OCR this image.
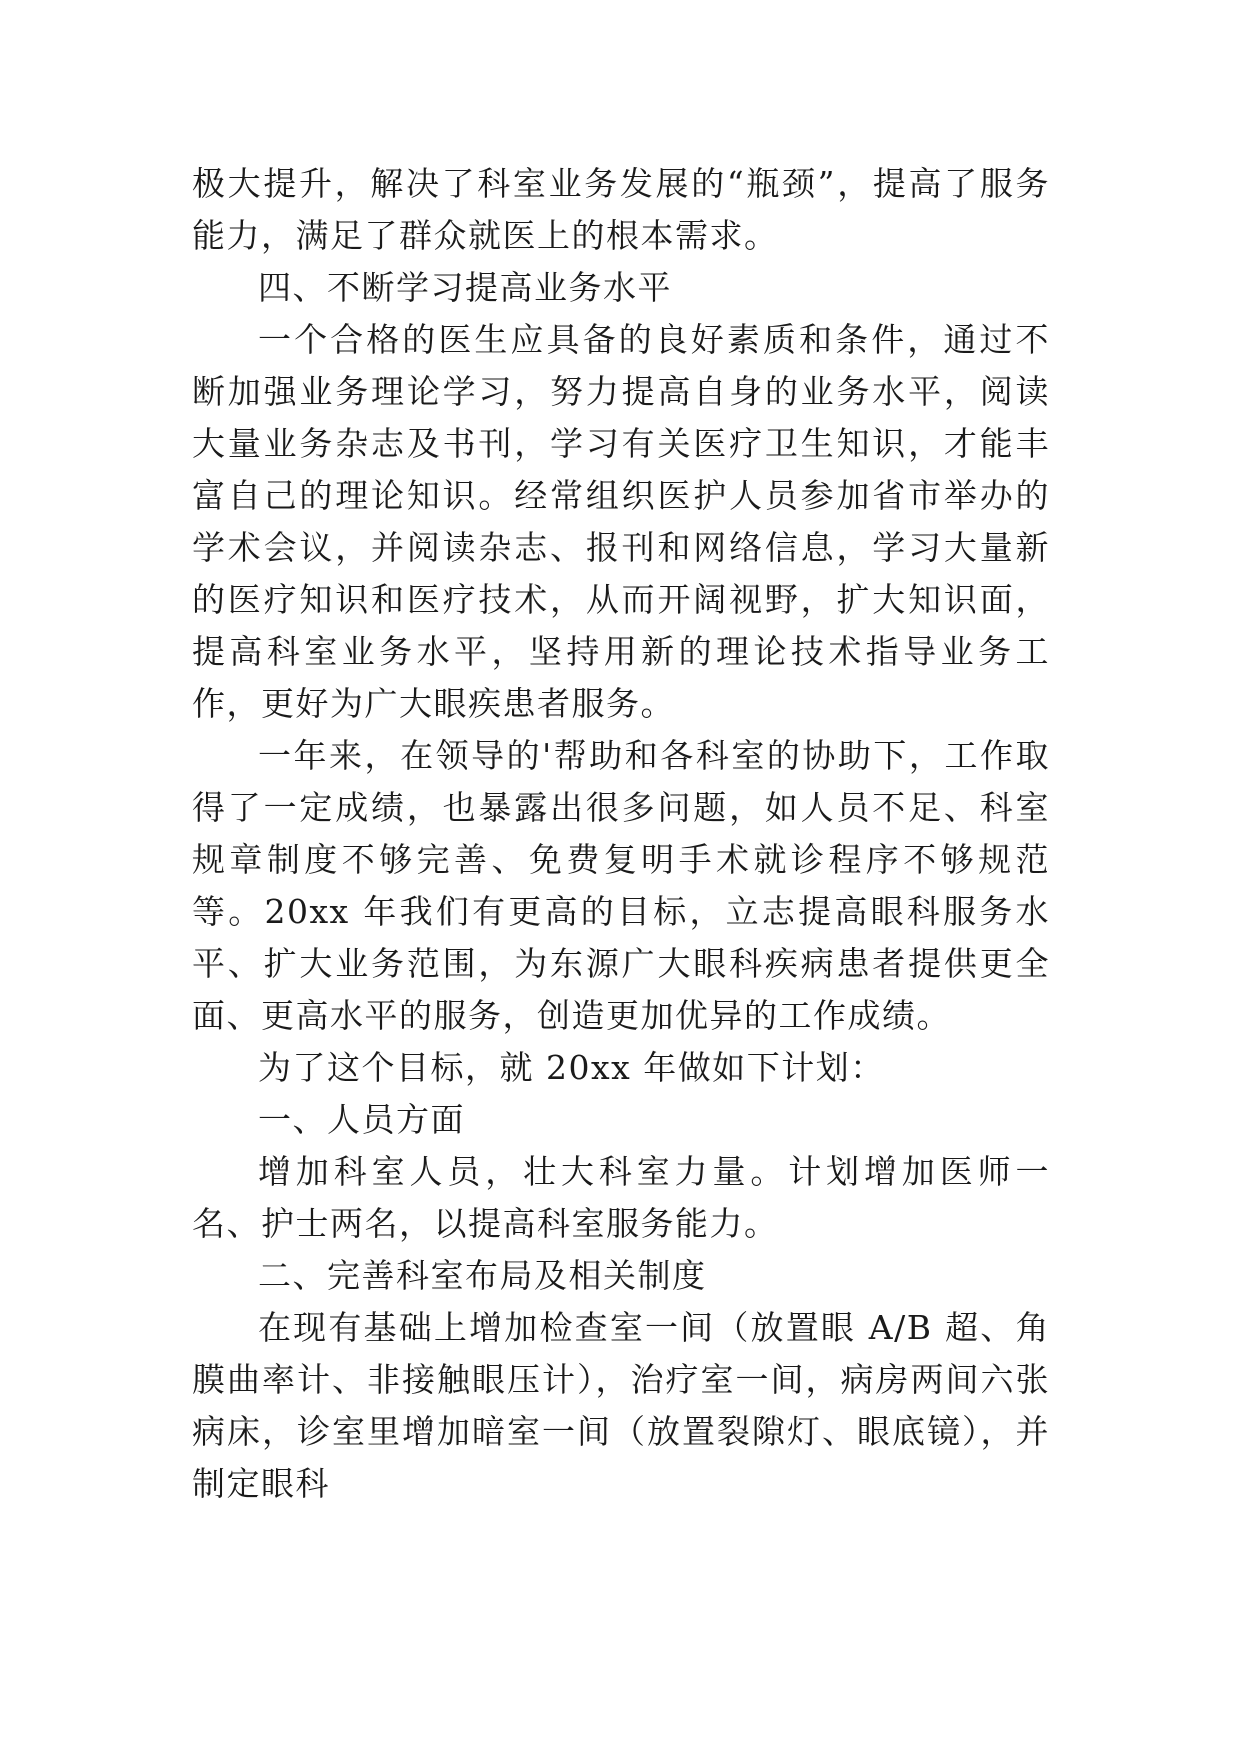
极大提升，解决了科室业务发展的“瓶颈”，提高了服务能力，满足了群众就医上的根本需求。

四、不断学习提高业务水平

一个合格的医生应具备的良好素质和条件，通过不断加强业务理论学习，努力提高自身的业务水平，阅读大量业务杂志及书刊，学习有关医疗卫生知识，才能丰富自己的理论知识。经常组织医护人员参加省市举办的学术会议，并阅读杂志、报刊和网络信息，学习大量新的医疗知识和医疗技术，从而开阔视野，扩大知识面，提高科室业务水平，坚持用新的理论技术指导业务工作，更好为广大眼疾患者服务。

一年来，在领导的'帮助和各科室的协助下，工作取得了一定成绩，也暴露出很多问题，如人员不足、科室规章制度不够完善、免费复明手术就诊程序不够规范等。20xx 年我们有更高的目标，立志提高眼科服务水平、扩大业务范围，为东源广大眼科疾病患者提供更全面、更高水平的服务，创造更加优异的工作成绩。

为了这个目标，就 20xx 年做如下计划：

一、人员方面

增加科室人员，壮大科室力量。计划增加医师一名、护士两名，以提高科室服务能力。

二、完善科室布局及相关制度

在现有基础上增加检查室一间（放置眼 A/B 超、角膜曲率计、非接触眼压计），治疗室一间，病房两间六张病床，诊室里增加暗室一间（放置裂隙灯、眼底镜），并制定眼科
